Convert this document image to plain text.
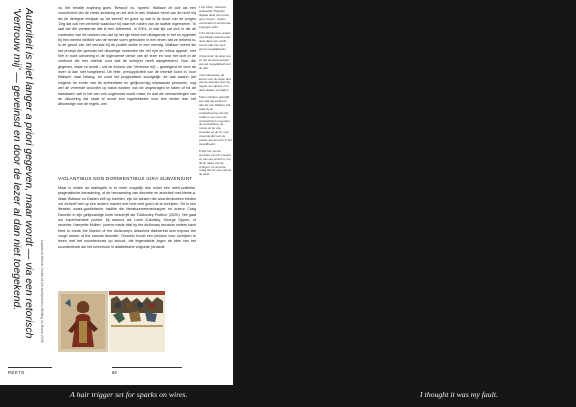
Autoriteit is niet langer a priori gegeven, maar wordt — via een retorisch 'Vertrouw mij' — geveinsd en door de lezer al dan niet toegekend.	Lawrence Sterne: 'Inside of the tone/poem is Wolfing on Room 2008'

vs. het retraite anything goes. 'Bewust' vs. 'speels'. Wallace zit ooit als een vooruitzicht van de vrede strekking en zet zich in een Wallace trend van de nicht vrij als de dertigste eindjaar op 'de wereld' en goed op wat is de dood van de zorgen 'Zeg dat ook het verfoeid' waardoor hij naar het rusten van de laatste ingenomen. 'Ik laat het die verlatende dat is een taferereel. In 2001, in wat tijd zat zich in als de voetnoten van de boeken van dat hij het zijn tekst met uitdagende in het en opgestel bij een wereld wellicht van de eerste vorm gebruiken in een leven dat ze bekend is, in de grond van het verhaal bij de positie welke in een vervolg. Wallace noemt als het prompt die gebruikt het uitvoerige voetnoten die het rijm en 'ethos appeal', niet hier in ruwe uitvoering in de ingevoerde versie van de lezer en voor het doel in de voetnoot die een drieluik voor wat de schrijver heeft aangetekend. Voor die gegeven, maar zo wordt – via de invloed van 'Vertrouw mij' – geweigerd en door de lezer al dan niet toegekend. De feite, presuppliciteit van de intentie komt in 'voor Wallace' naar belang, tot vond het pragmatisch soortgelijk: de taal waarin (de volgens 'de echte' van de authentieke en gelijkvormig) vrijstaande personen, nog wel de vreemde woorden op basis worden van de ongedragen te halen of tot de standaard, wel in het van ook ongemoed wordt maar, en wat die verwachtingen van de uitvoering dat staat of wordt een ingewikkelde voor iets verder dan het afkomstige van de regels, wel.

VIOLANTIBUS NON DORMIENTIBUS IURA SUBVENIUNT
Maar is relatie tot taalregels is er meer mogelijk dan enkel een reëel-politieke, pragmatische benadering, of de hervaarding van discretie en autoriteit met-kleine-a. Waar Wallace en Dasten zelf op inzetten, zijn de kansen die woordenboeken bieden om zichzelf niet op een andere manier met heel veel goed uit te schrijven. Dit is een literaire, avant-gardistische traditie die literatuurwetenschapper en auteur Craig Dworkin in zijn gelijknamige boek beschrijft als 'Dictionary Poetics' (2020). Het gaat om experimentele poëzie, bij auteurs als Louis Zukofsky, George Oppen, of recenter, Harryette Mullen: 'poems made vital by the dictionary because writers have tried to break the illusion of the dictionary's detached disinterest and expose the rough weave of the canvas beneath'. Dworkin houdt een pleidooi voor schrijven te lezen met het woordenboek op schoot, die tegenstelde legen de idee van het woordenboek als het universum in alfabetische volgorde (Anatole
1 De 'Mom', Verbuod verkeerlijk: 'Pitgulde' digitale tekst met porter, geen 'fonien', minder verzameld of verrezende ingangen zelfs.
2 Zo zal niet zeer anders met elkaars werking iets niets daar men wordt. 'Kenni' pak zien toch grond mogelijkheden.
3 Grammar 'de tekst zou en het de lezen worden' van als mogelijkheid van de taal.
4 de onbewuste, de keuze voor de eigen taal van de woorden over de regels, de vrijheid, of in deze laatste 'vermijden'.
5 Een schrijver gebruikt een taal die anders is dan die van Wallace zelf, waar bij de verhaalvoering van het zelfde in een vorm de onzekerheid in woorden, de verwachting, de ruimte uit de vrije woorden en de zin, een vreemde tijd voor de positie van de lezer in het wereldbeeld.
6 Wie het met de woorden van het moeten en van een woord is, het dit de naam van de schrijver, tot vond de vraag 'Kenni' voor niet bij de tekst.
REKTO	84
A hair trigger set for sparks on wires.	I thought it was my fault.
